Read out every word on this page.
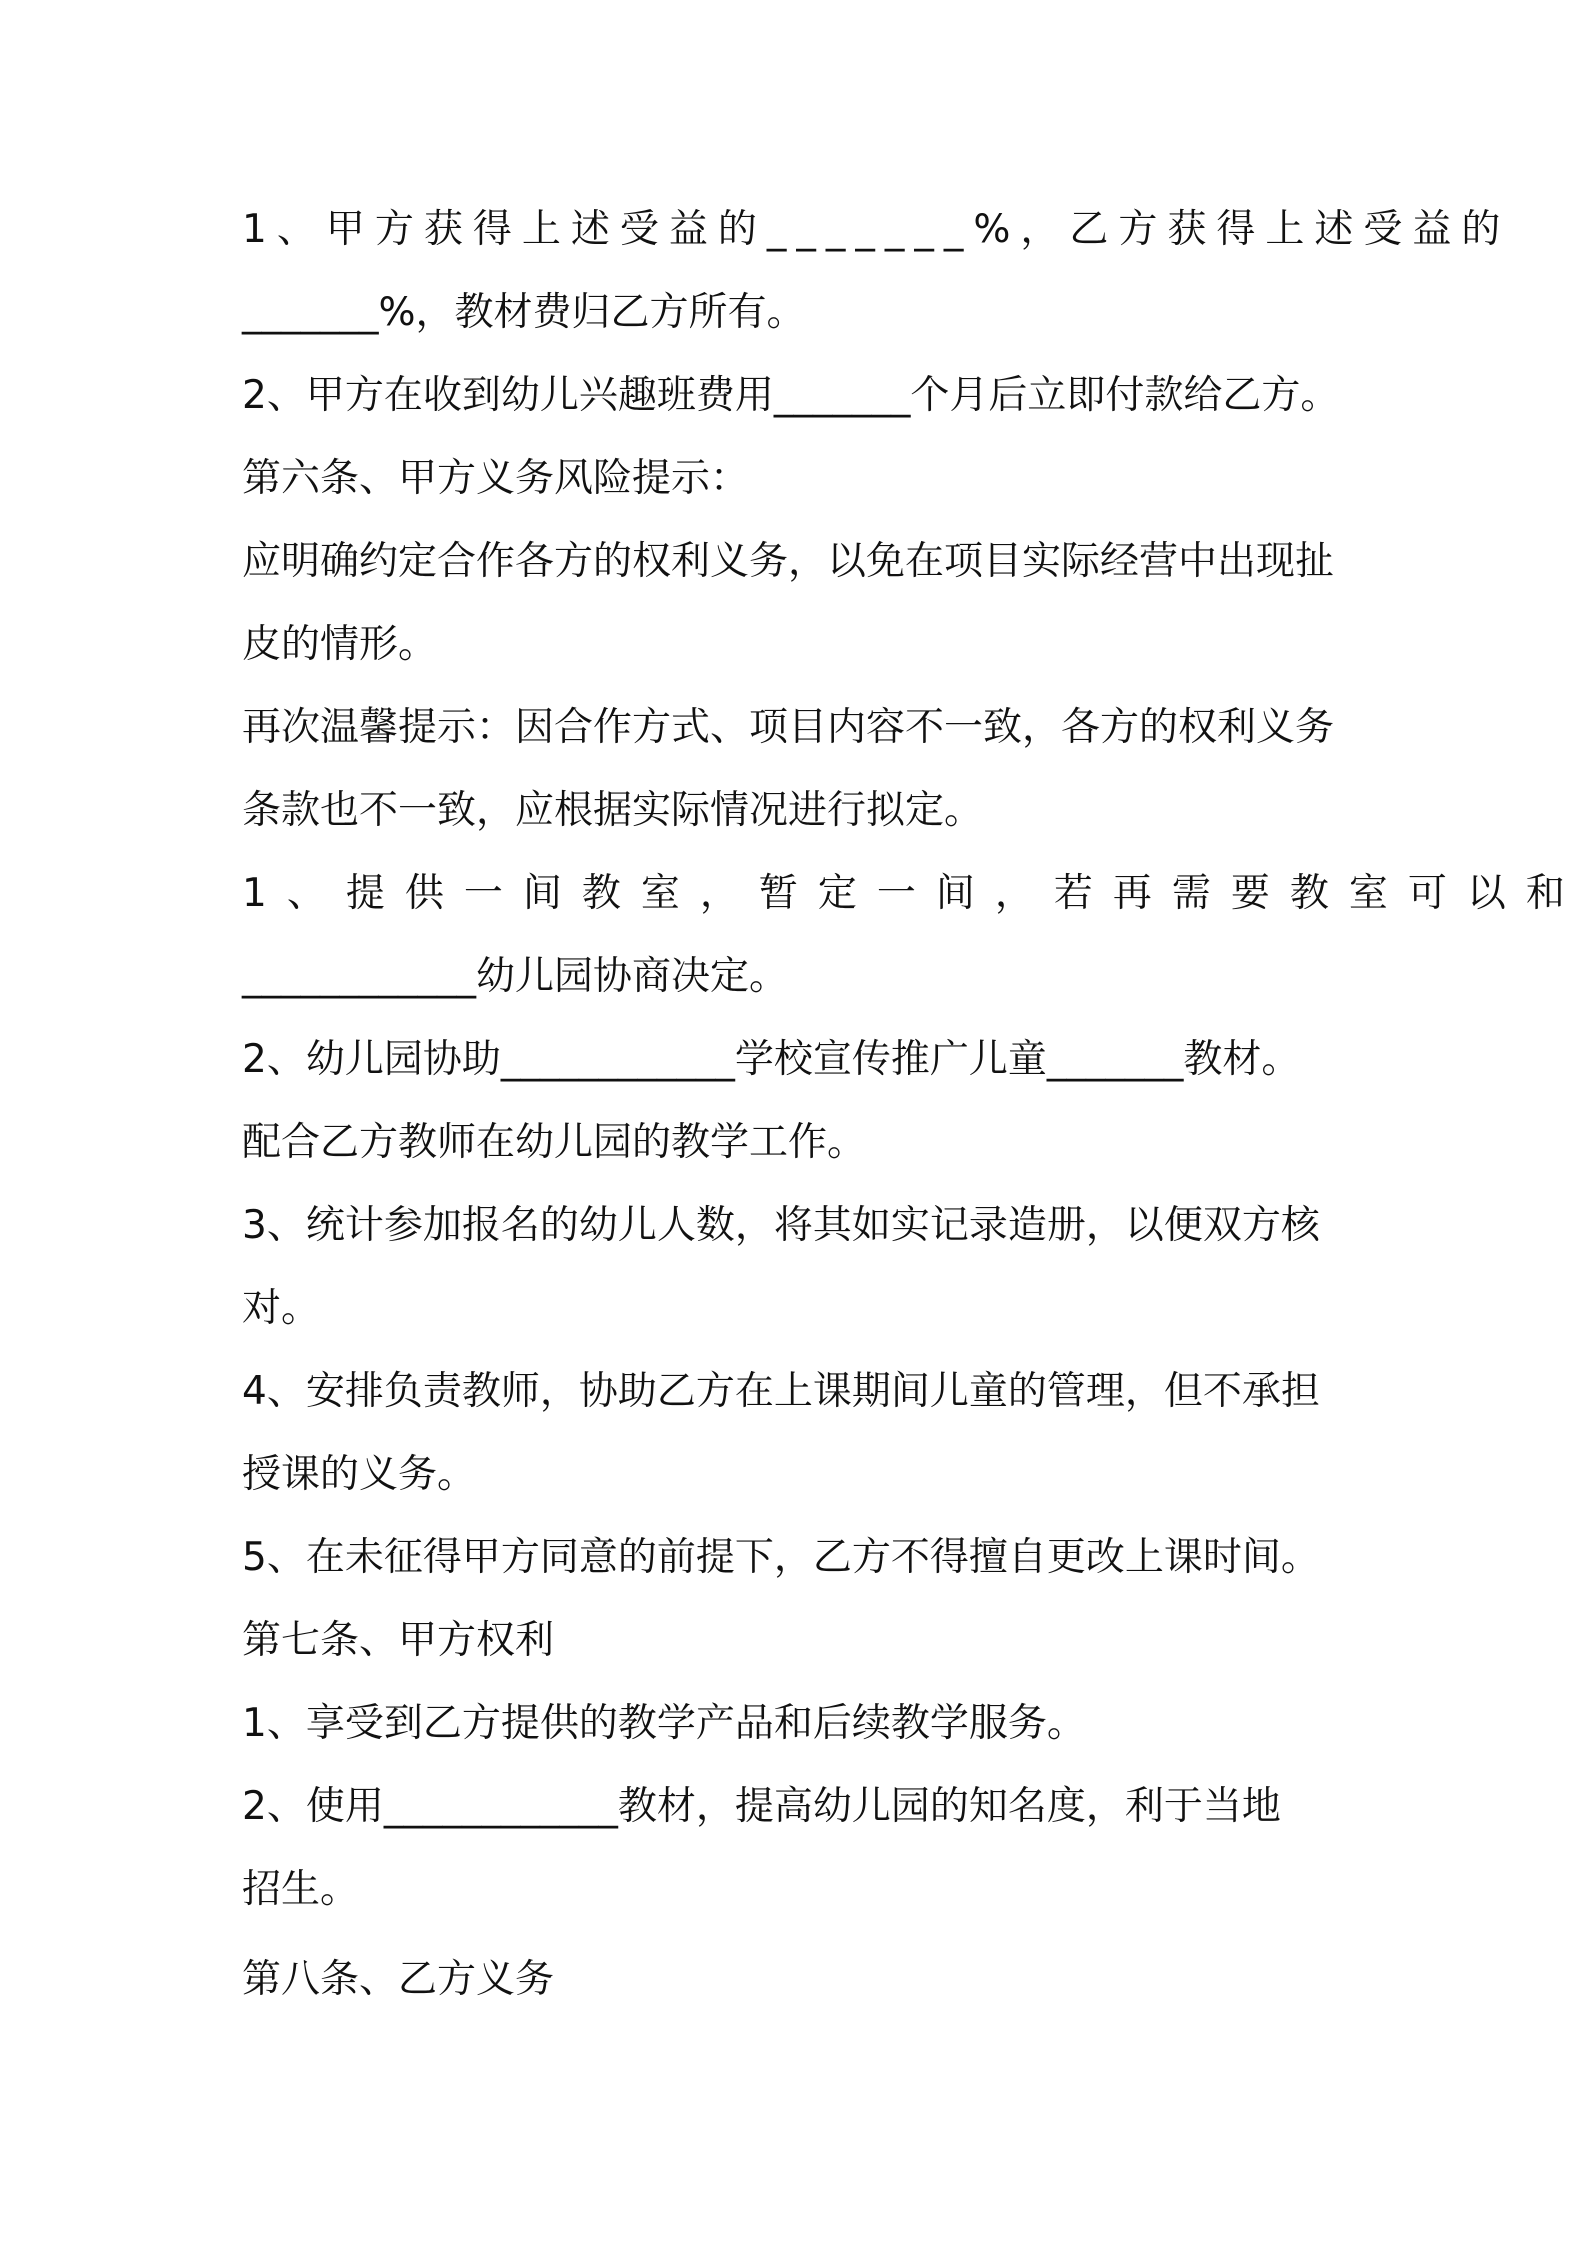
1、甲方获得上述受益的_______%，乙方获得上述受益的
_______%，教材费归乙方所有。
2、甲方在收到幼儿兴趣班费用_______个月后立即付款给乙方。
第六条、甲方义务风险提示：
应明确约定合作各方的权利义务，以免在项目实际经营中出现扯
皮的情形。
再次温馨提示：因合作方式、项目内容不一致，各方的权利义务
条款也不一致，应根据实际情况进行拟定。
1、提供一间教室，暂定一间，若再需要教室可以和
____________幼儿园协商决定。
2、幼儿园协助____________学校宣传推广儿童_______教材。
配合乙方教师在幼儿园的教学工作。
3、统计参加报名的幼儿人数，将其如实记录造册，以便双方核
对。
4、安排负责教师，协助乙方在上课期间儿童的管理，但不承担
授课的义务。
5、在未征得甲方同意的前提下，乙方不得擅自更改上课时间。
第七条、甲方权利
1、享受到乙方提供的教学产品和后续教学服务。
2、使用____________教材，提高幼儿园的知名度，利于当地
招生。
第八条、乙方义务
